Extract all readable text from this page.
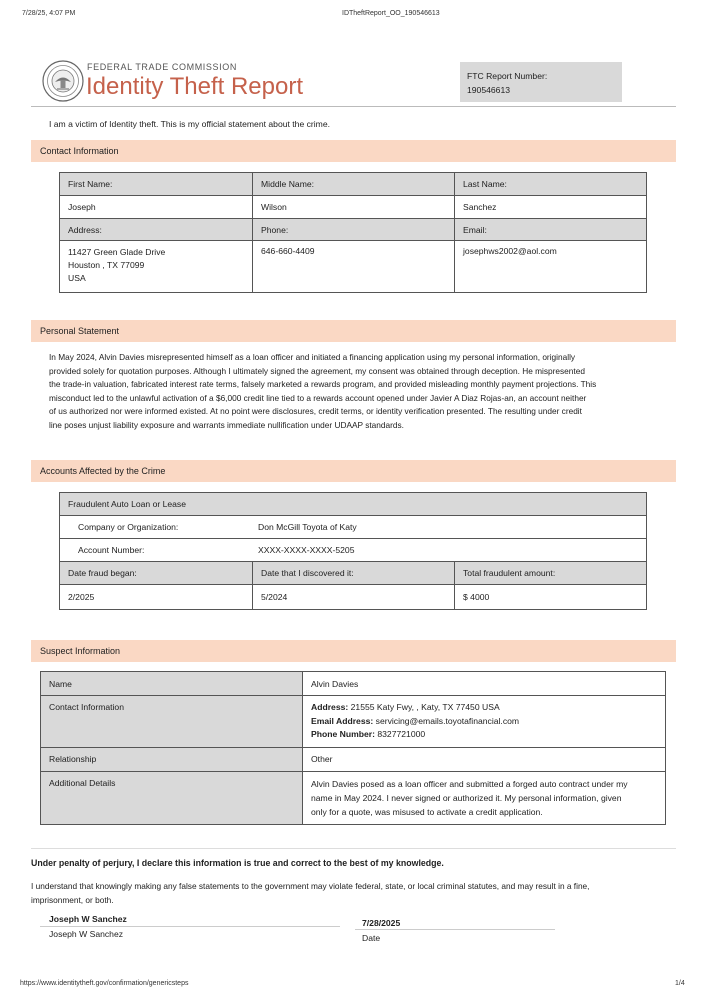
7/28/25, 4:07 PM	IDTheftReport_OO_190546613
FEDERAL TRADE COMMISSION
Identity Theft Report	FTC Report Number:
190546613
I am a victim of Identity theft. This is my official statement about the crime.
Contact Information
First Name:	Middle Name:	Last Name:
Joseph	Wilson	Sanchez
Address:	Phone:	Email:

11427 Green Glade Drive
Houston , TX 77099
USA	646-660-4409	josephws2002@aol.com
Personal Statement
In May 2024, Alvin Davies misrepresented himself as a loan officer and initiated a financing application using my personal information, originally
provided solely for quotation purposes. Although I ultimately signed the agreement, my consent was obtained through deception. He mispresented
the trade-in valuation, fabricated interest rate terms, falsely marketed a rewards program, and provided misleading monthly payment projections. This
misconduct led to the unlawful activation of a $6,000 credit line tied to a rewards account opened under Javier A Diaz Rojas-an, an account neither
of us authorized nor were informed existed. At no point were disclosures, credit terms, or identity verification presented. The resulting under credit
line poses unjust liability exposure and warrants immediate nullification under UDAAP standards.
Accounts Affected by the Crime
Fraudulent Auto Loan or Lease		
Company or Organization: Don McGill Toyota of Katy		
Account Number: XXXX-XXXX-XXXX-5205		
Date fraud began:	Date that I discovered it:	Total fraudulent amount:
2/2025	5/2024	$ 4000
Suspect Information
Name	Alvin Davies
Contact Information	Address: 21555 Katy Fwy, , Katy, TX 77450 USA
Email Address: servicing@emails.toyotafinancial.com
Phone Number: 8327721000

Relationship	Other
Additional Details	Alvin Davies posed as a loan officer and submitted a forged auto contract under my
name in May 2024. I never signed or authorized it. My personal information, given
only for a quote, was misused to activate a credit application.
Under penalty of perjury, I declare this information is true and correct to the best of my knowledge.
I understand that knowingly making any false statements to the government may violate federal, state, or local criminal statutes, and may result in a fine,
imprisonment, or both.
Joseph W Sanchez
Joseph W Sanchez
7/28/2025
Date
https://www.identitytheft.gov/confirmation/genericsteps	1/4
